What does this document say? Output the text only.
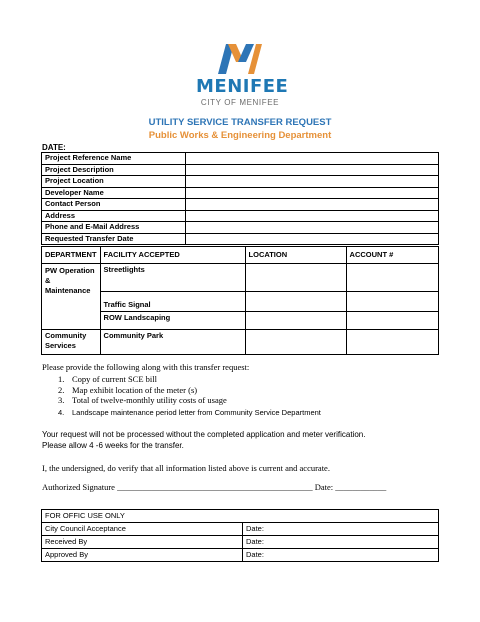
MENIFEE
CITY OF MENIFEE
UTILITY SERVICE TRANSFER REQUEST
Public Works & Engineering Department
DATE:
Project Reference Name	
Project Description	
Project Location	
Developer Name	
Contact Person	
Address	
Phone and E-Mail Address	
Requested Transfer Date	
DEPARTMENT	FACILITY ACCEPTED	LOCATION	ACCOUNT #
PW Operation & Maintenance	Streetlights		
	Traffic Signal		
	ROW Landscaping		
Community Services	Community Park		
Please provide the following along with this transfer request:
1. Copy of current SCE bill
2. Map exhibit location of the meter (s)
3. Total of twelve-monthly utility costs of usage
4.	Landscape maintenance period letter from Community Service Department
Your request will not be processed without the completed application and meter verification.
Please allow 4 -6 weeks for the transfer.
I, the undersigned, do verify that all information listed above is current and accurate.
Authorized Signature ______________________________________________ Date: ____________
FOR OFFIC USE ONLY	
City Council Acceptance	Date:
Received By	Date:
Approved By	Date:
